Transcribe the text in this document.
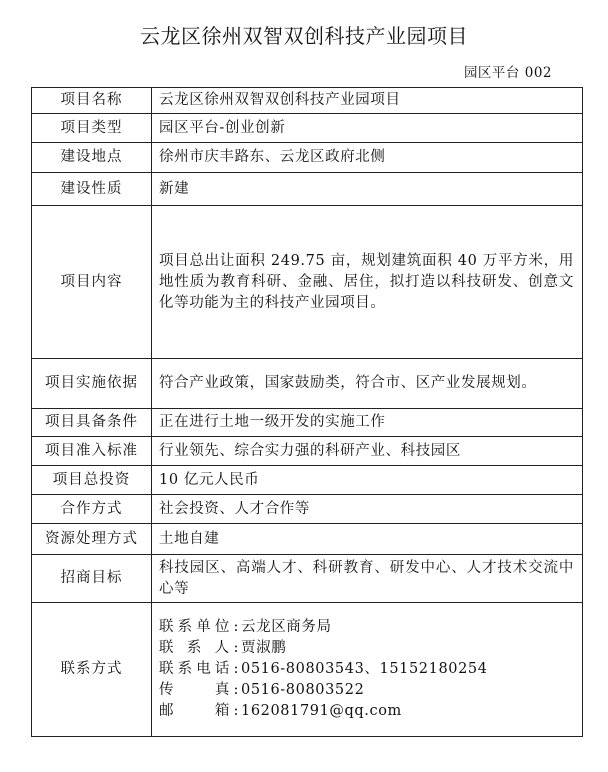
云龙区徐州双智双创科技产业园项目
园区平台 002
项目名称	云龙区徐州双智双创科技产业园项目
项目类型	园区平台-创业创新
建设地点	徐州市庆丰路东、云龙区政府北侧
建设性质	新建
项目内容	项目总出让面积 249.75 亩，规划建筑面积 40 万平方米，用地性质为教育科研、金融、居住，拟打造以科技研发、创意文化等功能为主的科技产业园项目。
项目实施依据	符合产业政策，国家鼓励类，符合市、区产业发展规划。
项目具备条件	正在进行土地一级开发的实施工作
项目准入标准	行业领先、综合实力强的科研产业、科技园区
项目总投资	10 亿元人民币
合作方式	社会投资、人才合作等
资源处理方式	土地自建
招商目标	科技园区、高端人才、科研教育、研发中心、人才技术交流中心等
联系方式	联系单位: 云龙区商务局
联 系 人: 贾淑鹏
联系电话: 0516-80803543、15152180254
传　　真: 0516-80803522
邮　　箱: 162081791@qq.com
